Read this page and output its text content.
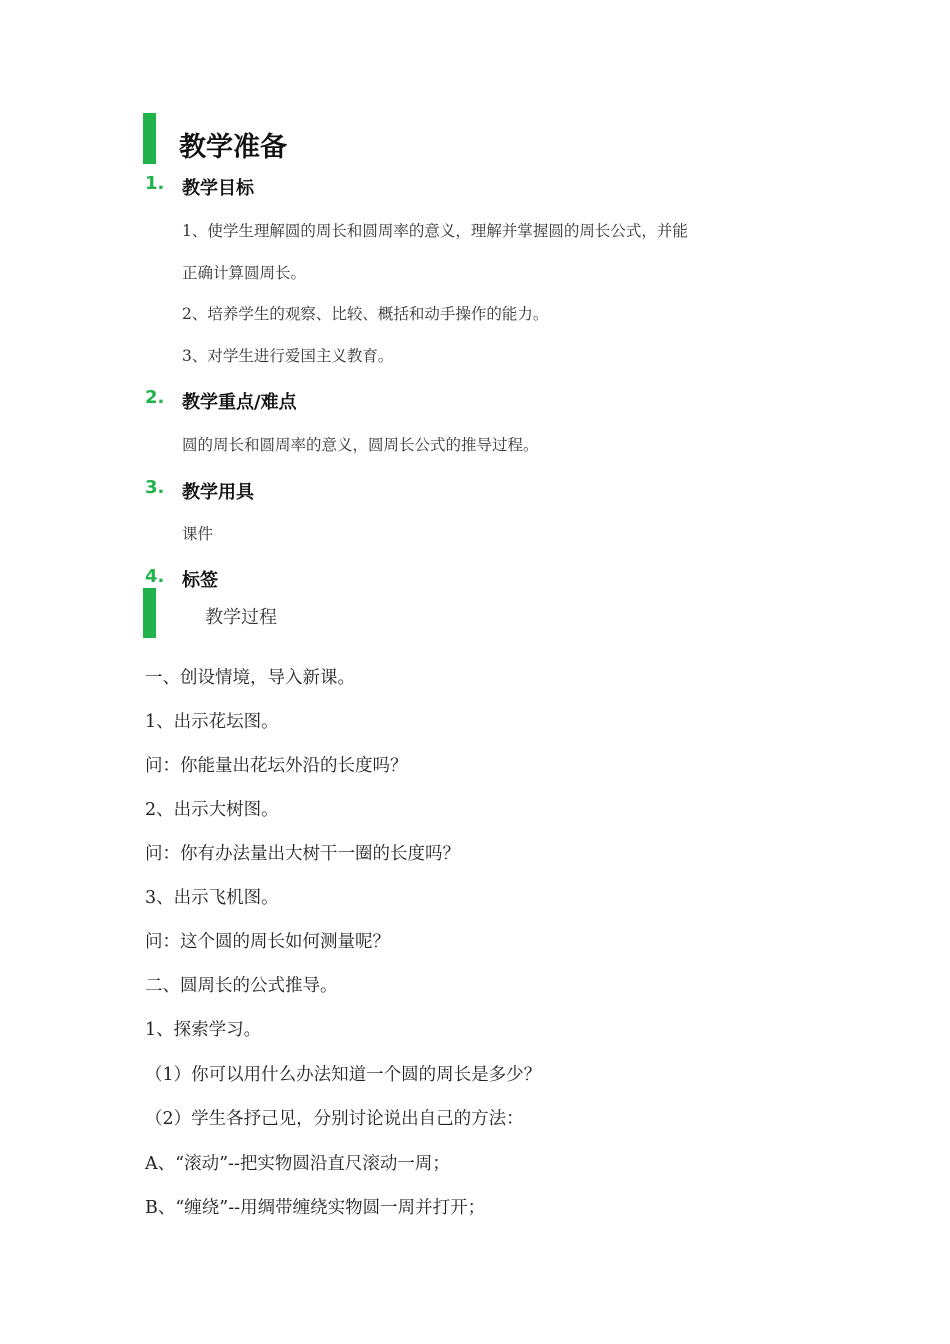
教学准备
1. 教学目标
1、使学生理解圆的周长和圆周率的意义，理解并掌握圆的周长公式，并能
正确计算圆周长。
2、培养学生的观察、比较、概括和动手操作的能力。
3、对学生进行爱国主义教育。
2. 教学重点/难点
圆的周长和圆周率的意义，圆周长公式的推导过程。
3. 教学用具
课件
4. 标签
教学过程
一、创设情境，导入新课。
1、出示花坛图。
问：你能量出花坛外沿的长度吗？
2、出示大树图。
问：你有办法量出大树干一圈的长度吗？
3、出示飞机图。
问：这个圆的周长如何测量呢？
二、圆周长的公式推导。
1、探索学习。
（1）你可以用什么办法知道一个圆的周长是多少？
（2）学生各抒己见，分别讨论说出自己的方法：
A、“滚动”--把实物圆沿直尺滚动一周；
B、“缠绕”--用绸带缠绕实物圆一周并打开；
